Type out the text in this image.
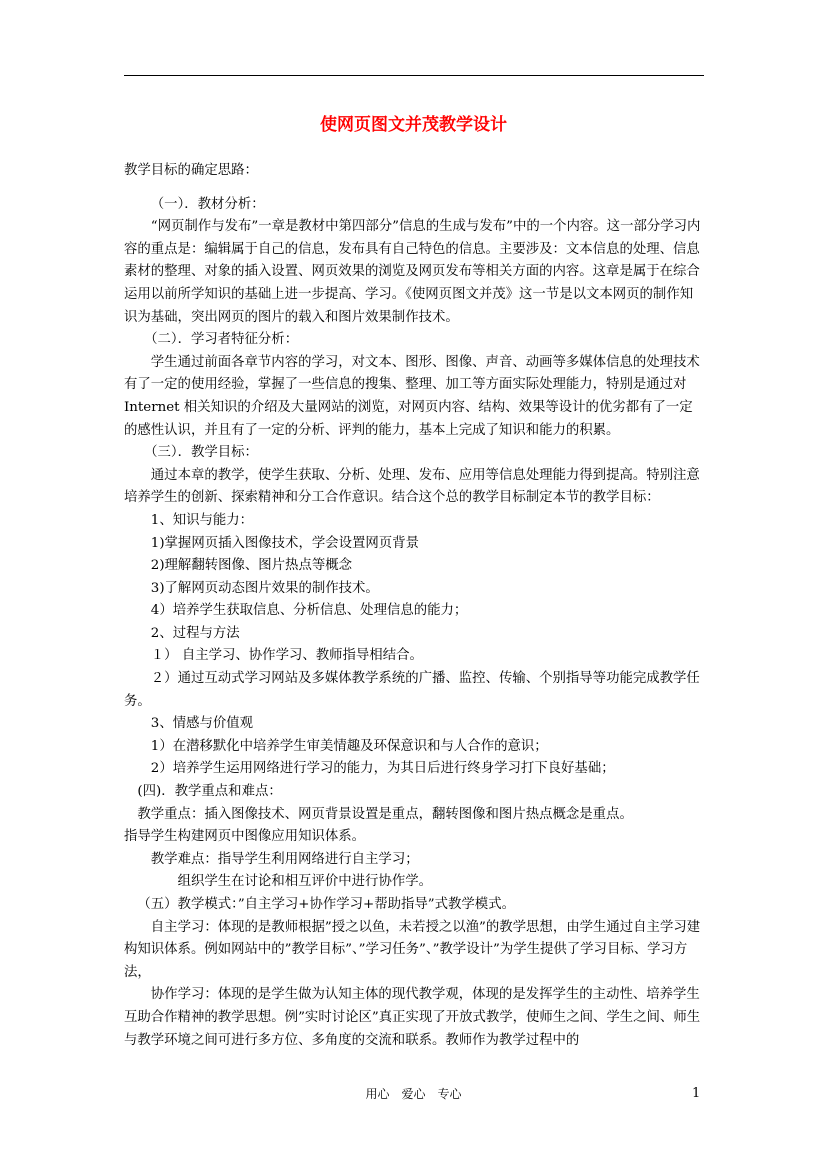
使网页图文并茂教学设计

教学目标的确定思路：

（一）．教材分析：

“网页制作与发布”一章是教材中第四部分”信息的生成与发布”中的一个内容。这一部分学习内容的重点是：编辑属于自己的信息，发布具有自己特色的信息。主要涉及：文本信息的处理、信息素材的整理、对象的插入设置、网页效果的浏览及网页发布等相关方面的内容。这章是属于在综合运用以前所学知识的基础上进一步提高、学习。《使网页图文并茂》这一节是以文本网页的制作知识为基础，突出网页的图片的载入和图片效果制作技术。

（二）．学习者特征分析：

学生通过前面各章节内容的学习，对文本、图形、图像、声音、动画等多媒体信息的处理技术有了一定的使用经验，掌握了一些信息的搜集、整理、加工等方面实际处理能力，特别是通过对 Internet 相关知识的介绍及大量网站的浏览，对网页内容、结构、效果等设计的优劣都有了一定的感性认识，并且有了一定的分析、评判的能力，基本上完成了知识和能力的积累。

（三）．教学目标：

通过本章的教学，使学生获取、分析、处理、发布、应用等信息处理能力得到提高。特别注意培养学生的创新、探索精神和分工合作意识。结合这个总的教学目标制定本节的教学目标：

1、知识与能力：

1)掌握网页插入图像技术，学会设置网页背景

2)理解翻转图像、图片热点等概念

3)了解网页动态图片效果的制作技术。

4）培养学生获取信息、分析信息、处理信息的能力；

2、过程与方法

１） 自主学习、协作学习、教师指导相结合。

２）通过互动式学习网站及多媒体教学系统的广播、监控、传输、个别指导等功能完成教学任务。

3、情感与价值观

1）在潜移默化中培养学生审美情趣及环保意识和与人合作的意识；

2）培养学生运用网络进行学习的能力，为其日后进行终身学习打下良好基础；

(四)．教学重点和难点：

教学重点：插入图像技术、网页背景设置是重点，翻转图像和图片热点概念是重点。

指导学生构建网页中图像应用知识体系。

教学难点：指导学生利用网络进行自主学习；

组织学生在讨论和相互评价中进行协作学。

（五）教学模式：”自主学习+协作学习+帮助指导”式教学模式。

自主学习：体现的是教师根据”授之以鱼，未若授之以渔”的教学思想，由学生通过自主学习建构知识体系。例如网站中的”教学目标”、”学习任务”、”教学设计”为学生提供了学习目标、学习方法，

协作学习：体现的是学生做为认知主体的现代教学观，体现的是发挥学生的主动性、培养学生互助合作精神的教学思想。例”实时讨论区”真正实现了开放式教学，使师生之间、学生之间、师生与教学环境之间可进行多方位、多角度的交流和联系。教师作为教学过程中的

用心　爱心　专心	1
